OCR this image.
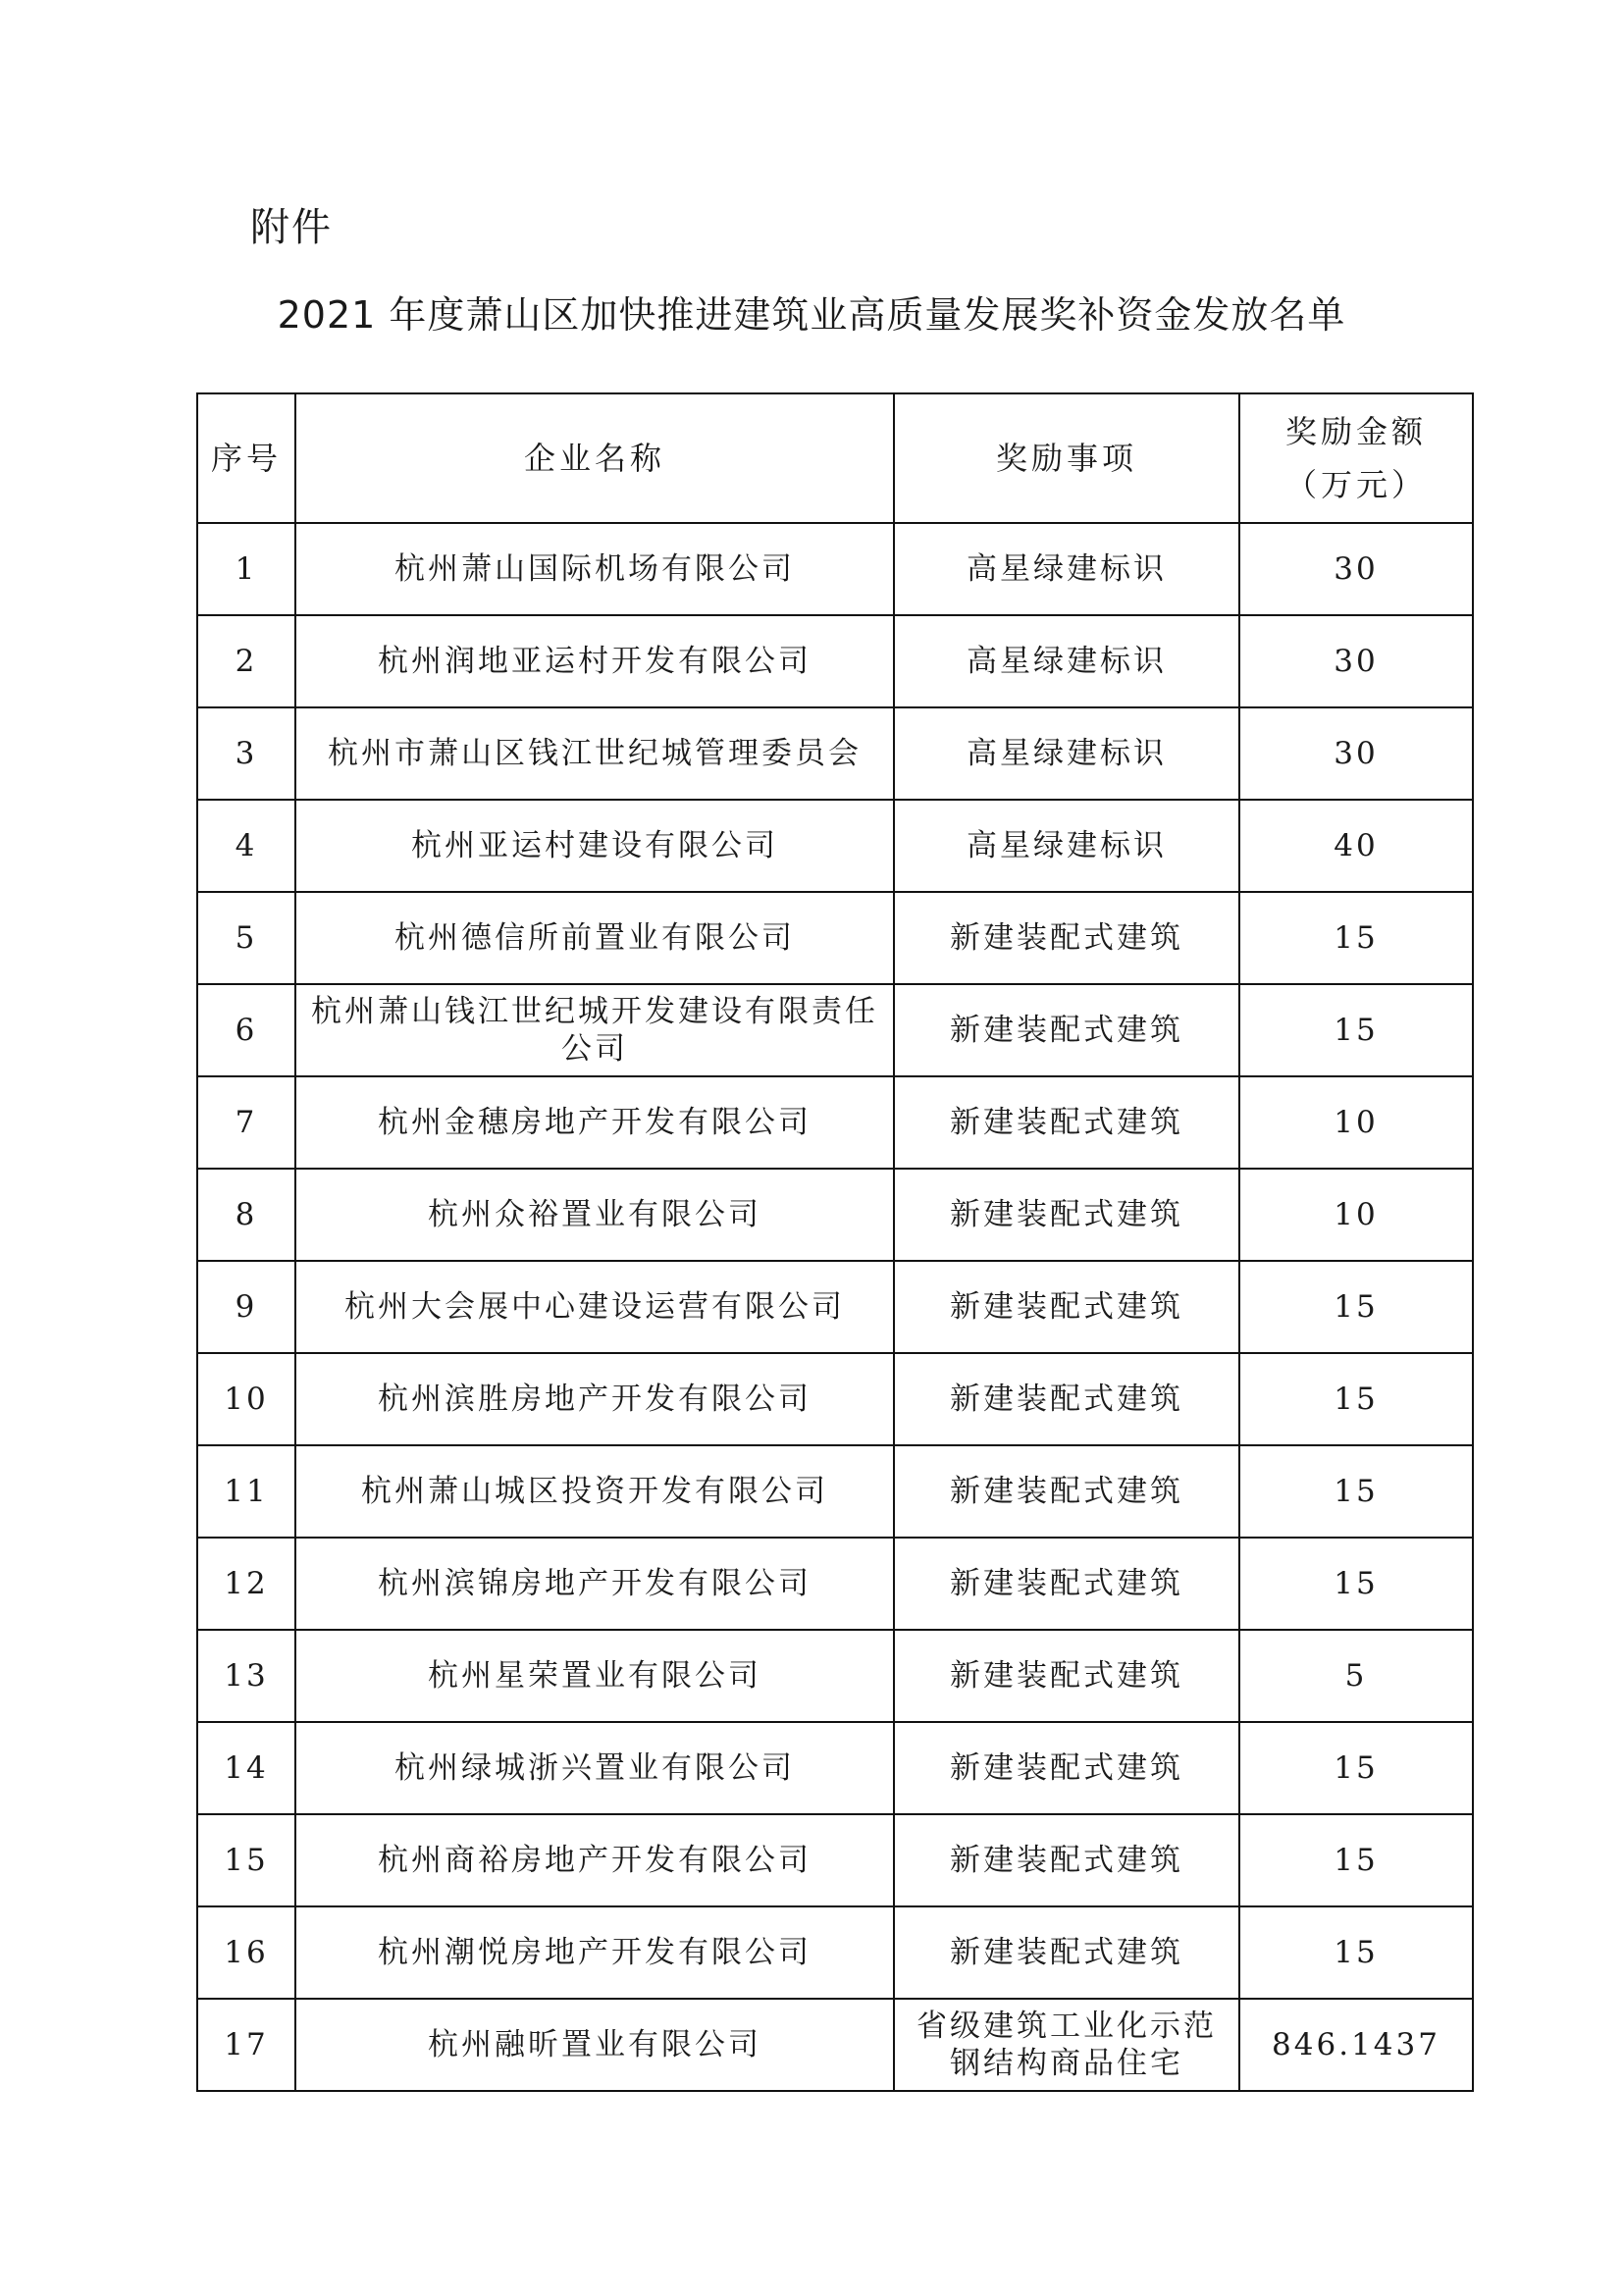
附件
2021 年度萧山区加快推进建筑业高质量发展奖补资金发放名单
序号	企业名称	奖励事项	奖励金额
（万元）

1	杭州萧山国际机场有限公司	高星绿建标识	30
2	杭州润地亚运村开发有限公司	高星绿建标识	30
3	杭州市萧山区钱江世纪城管理委员会	高星绿建标识	30
4	杭州亚运村建设有限公司	高星绿建标识	40
5	杭州德信所前置业有限公司	新建装配式建筑	15
6	杭州萧山钱江世纪城开发建设有限责任公司	新建装配式建筑	15
7	杭州金穗房地产开发有限公司	新建装配式建筑	10
8	杭州众裕置业有限公司	新建装配式建筑	10
9	杭州大会展中心建设运营有限公司	新建装配式建筑	15
10	杭州滨胜房地产开发有限公司	新建装配式建筑	15
11	杭州萧山城区投资开发有限公司	新建装配式建筑	15
12	杭州滨锦房地产开发有限公司	新建装配式建筑	15
13	杭州星荣置业有限公司	新建装配式建筑	5
14	杭州绿城浙兴置业有限公司	新建装配式建筑	15
15	杭州商裕房地产开发有限公司	新建装配式建筑	15
16	杭州潮悦房地产开发有限公司	新建装配式建筑	15
17	杭州融昕置业有限公司	省级建筑工业化示范钢结构商品住宅	846.1437
